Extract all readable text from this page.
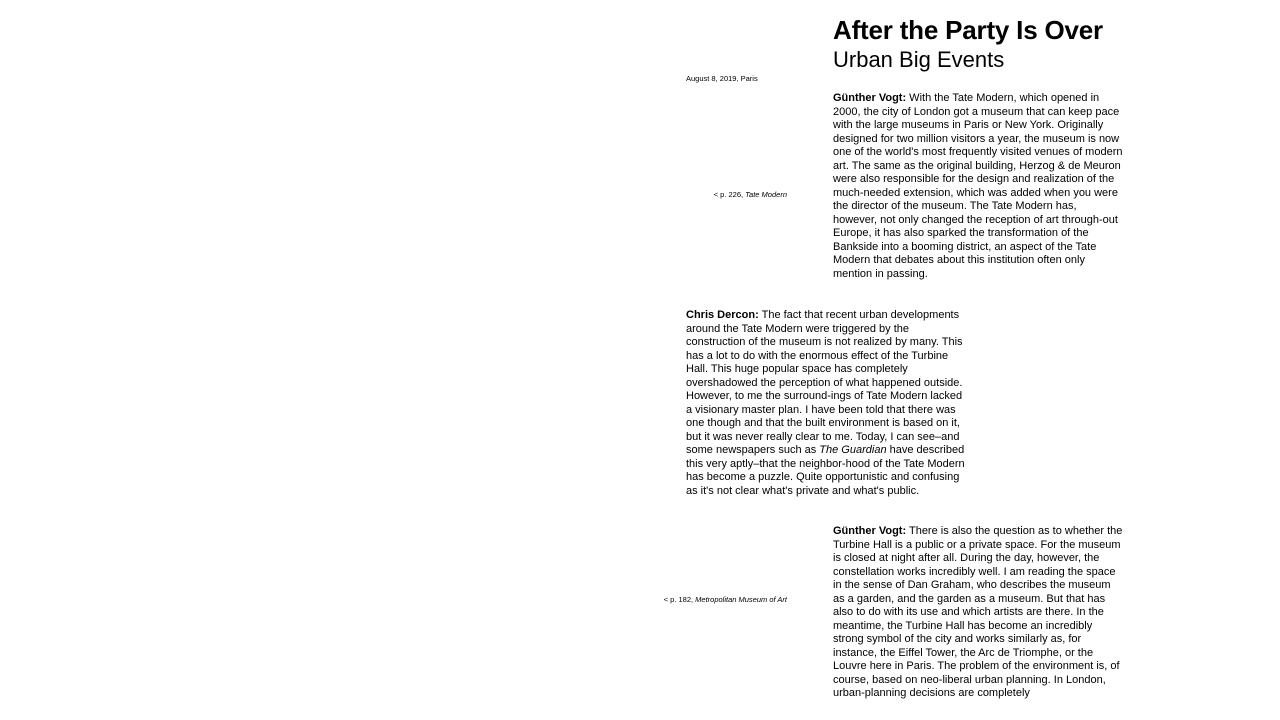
After the Party Is Over
Urban Big Events
August 8, 2019, Paris
< p. 226, Tate Modern
< p. 182, Metropolitan Museum of Art
Günther Vogt: With the Tate Modern, which opened in 2000, the city of London got a museum that can keep pace with the large museums in Paris or New York. Originally designed for two million visitors a year, the museum is now one of the world's most frequently visited venues of modern art. The same as the original building, Herzog & de Meuron were also responsible for the design and realization of the much-needed extension, which was added when you were the director of the museum. The Tate Modern has, however, not only changed the reception of art through-out Europe, it has also sparked the transformation of the Bankside into a booming district, an aspect of the Tate Modern that debates about this institution often only mention in passing.
Chris Dercon: The fact that recent urban developments around the Tate Modern were triggered by the construction of the museum is not realized by many. This has a lot to do with the enormous effect of the Turbine Hall. This huge popular space has completely overshadowed the perception of what happened outside. However, to me the surround-ings of Tate Modern lacked a visionary master plan. I have been told that there was one though and that the built environment is based on it, but it was never really clear to me. Today, I can see–and some newspapers such as The Guardian have described this very aptly–that the neighbor-hood of the Tate Modern has become a puzzle. Quite opportunistic and confusing as it's not clear what's private and what's public.
Günther Vogt: There is also the question as to whether the Turbine Hall is a public or a private space. For the museum is closed at night after all. During the day, however, the constellation works incredibly well. I am reading the space in the sense of Dan Graham, who describes the museum as a garden, and the garden as a museum. But that has also to do with its use and which artists are there. In the meantime, the Turbine Hall has become an incredibly strong symbol of the city and works similarly as, for instance, the Eiffel Tower, the Arc de Triomphe, or the Louvre here in Paris. The problem of the environment is, of course, based on neo-liberal urban planning. In London, urban-planning decisions are completely
